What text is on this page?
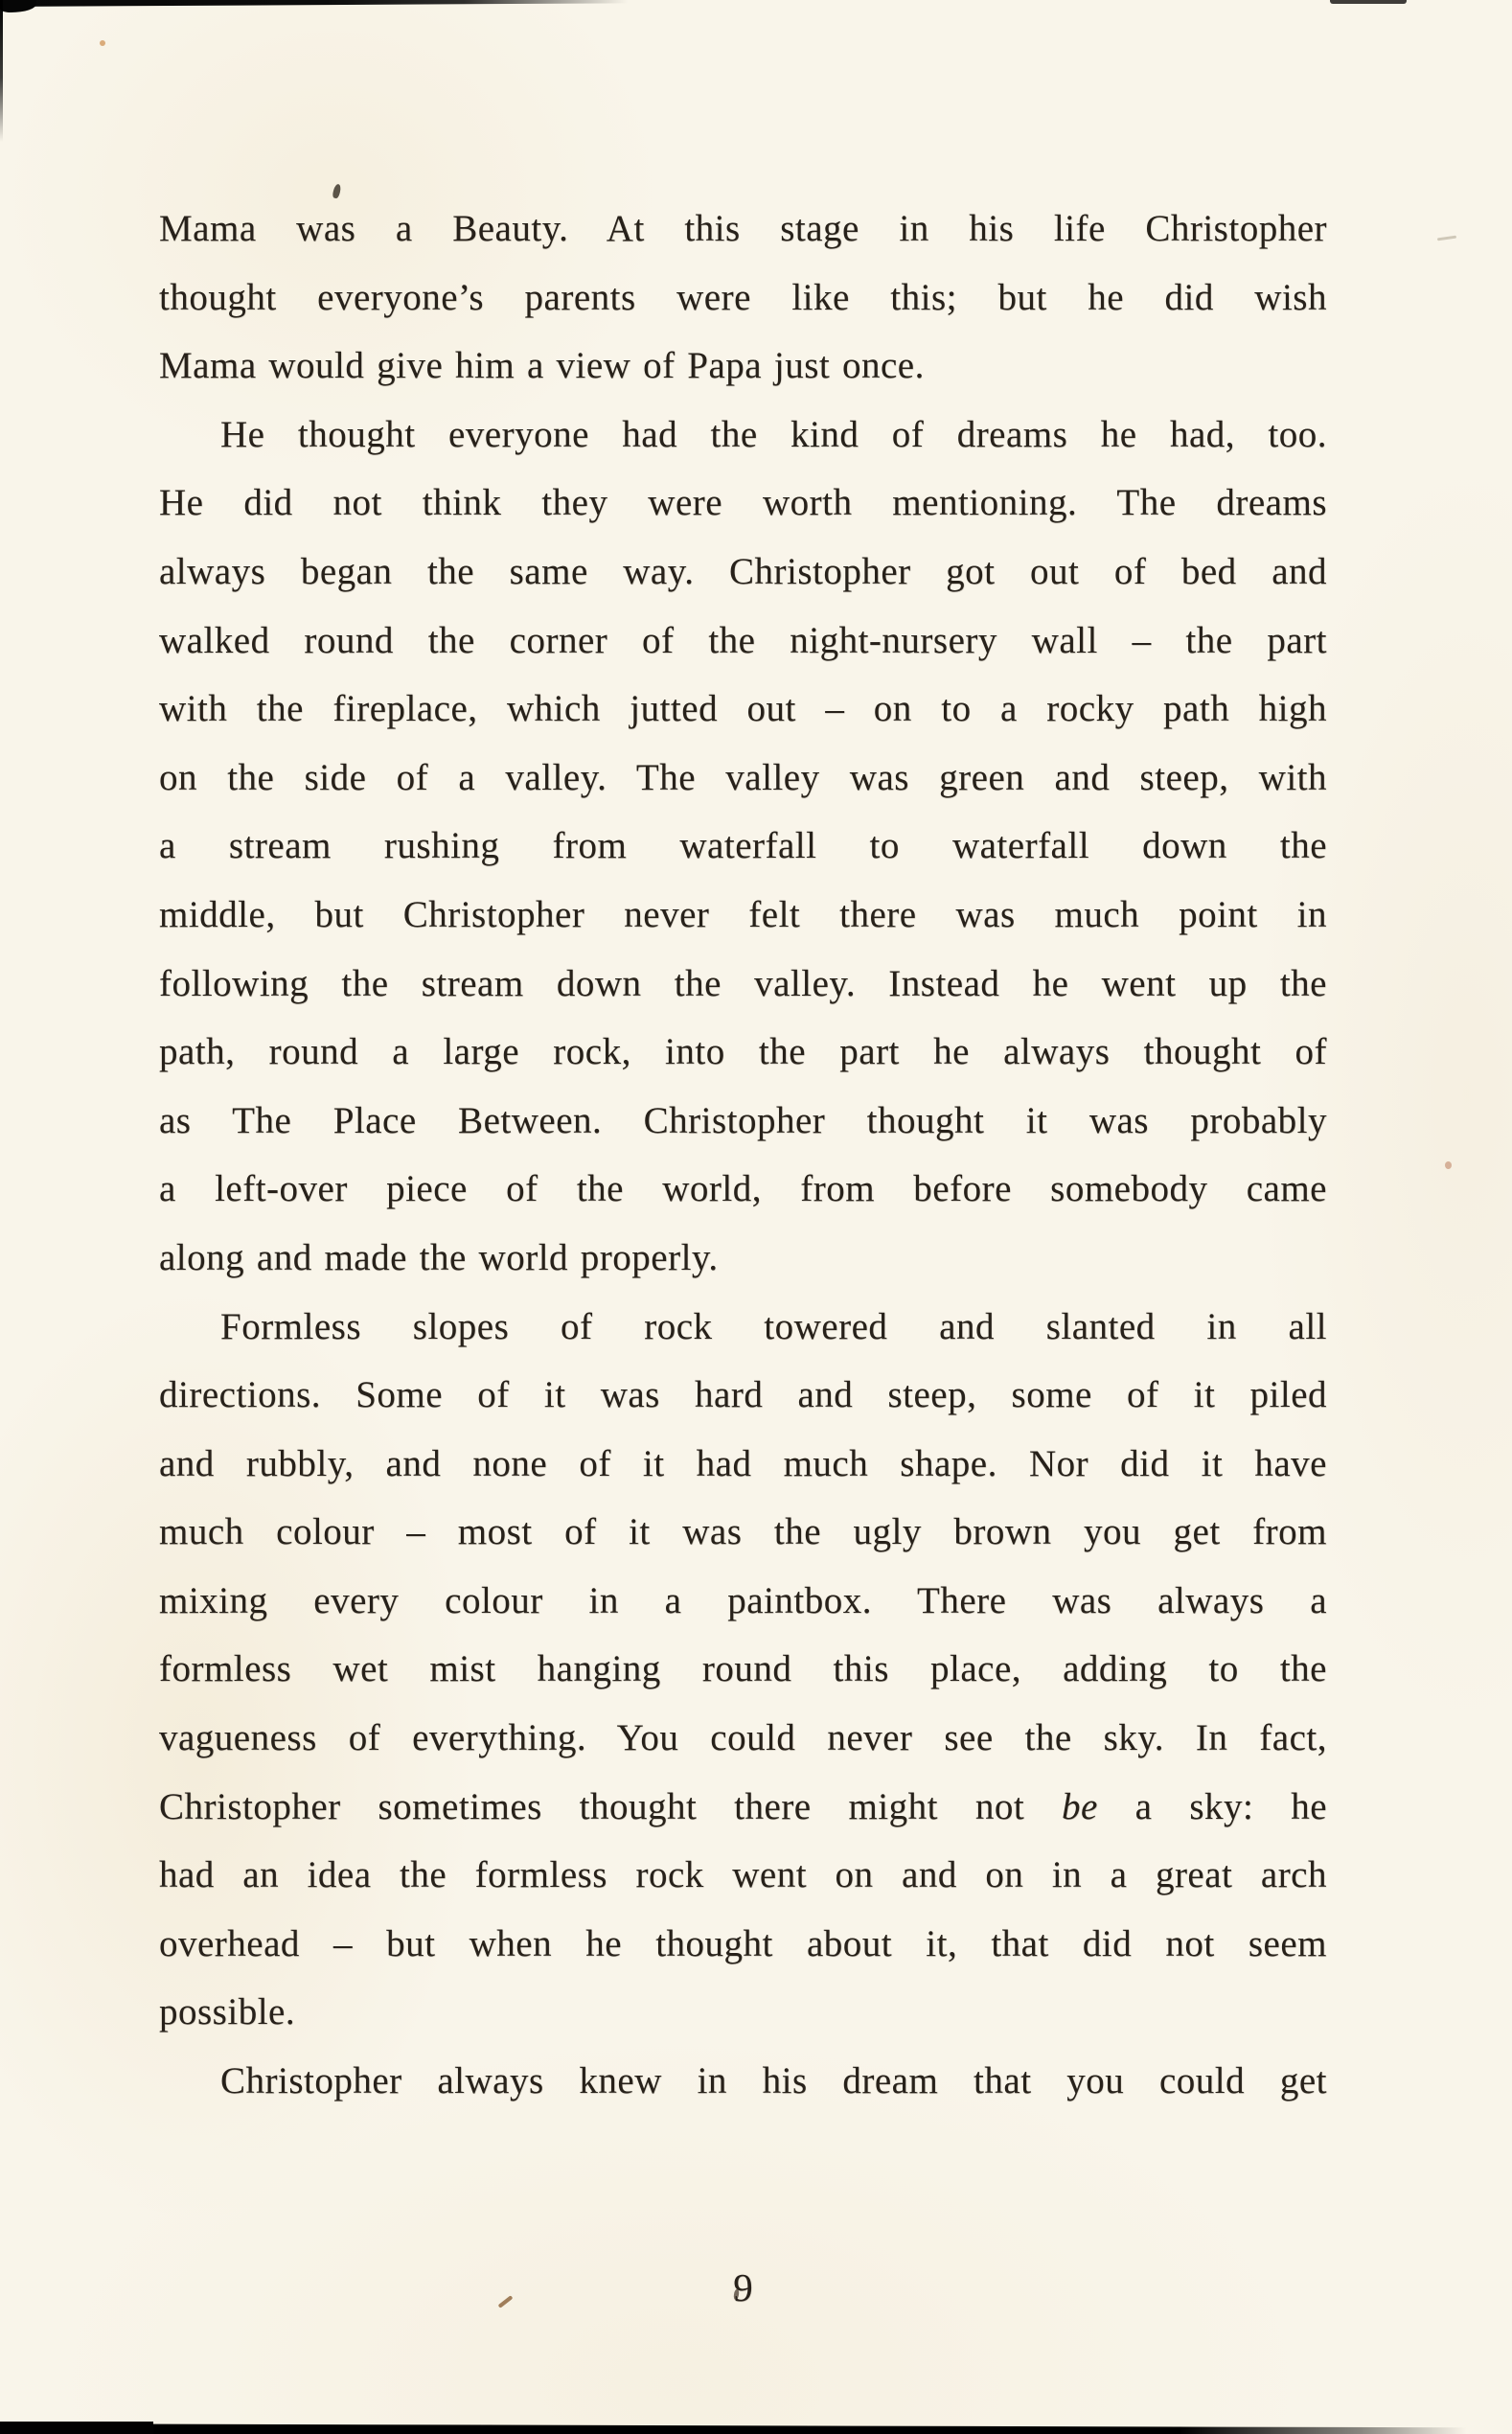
Mama was a Beauty. At this stage in his life Christopher
thought everyone’s parents were like this; but he did wish
Mama would give him a view of Papa just once.
He thought everyone had the kind of dreams he had, too.
He did not think they were worth mentioning. The dreams
always began the same way. Christopher got out of bed and
walked round the corner of the night-nursery wall – the part
with the fireplace, which jutted out – on to a rocky path high
on the side of a valley. The valley was green and steep, with
a stream rushing from waterfall to waterfall down the
middle, but Christopher never felt there was much point in
following the stream down the valley. Instead he went up the
path, round a large rock, into the part he always thought of
as The Place Between. Christopher thought it was probably
a left-over piece of the world, from before somebody came
along and made the world properly.
Formless slopes of rock towered and slanted in all
directions. Some of it was hard and steep, some of it piled
and rubbly, and none of it had much shape. Nor did it have
much colour – most of it was the ugly brown you get from
mixing every colour in a paintbox. There was always a
formless wet mist hanging round this place, adding to the
vagueness of everything. You could never see the sky. In fact,
Christopher sometimes thought there might not be a sky: he
had an idea the formless rock went on and on in a great arch
overhead – but when he thought about it, that did not seem
possible.
Christopher always knew in his dream that you could get
9
